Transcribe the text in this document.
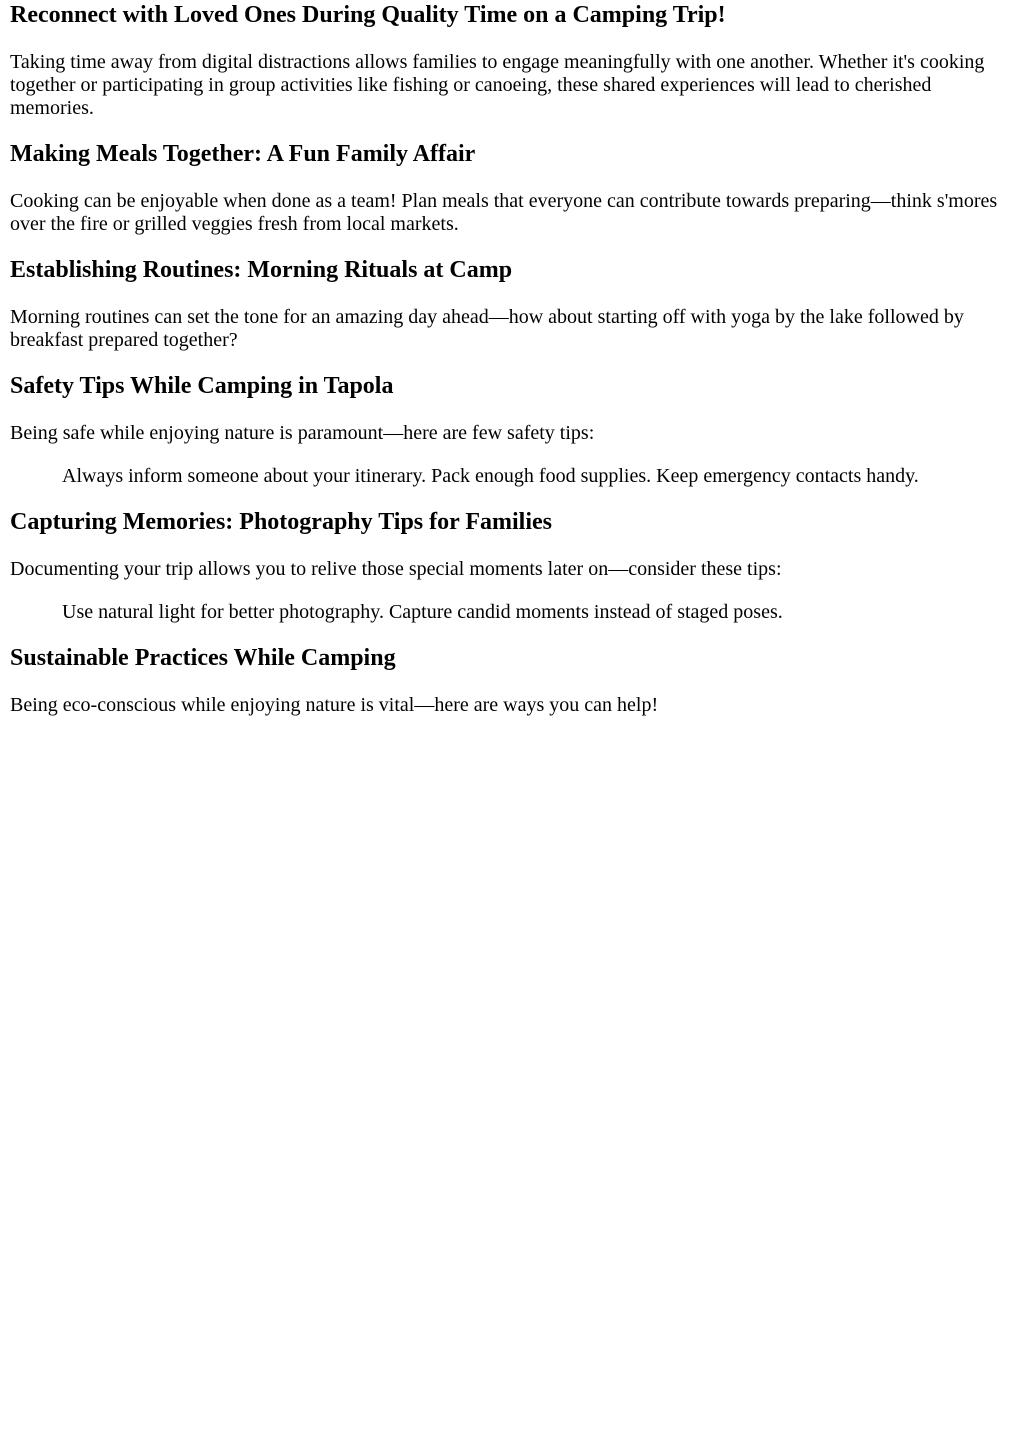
Reconnect with Loved Ones During Quality Time on a Camping Trip!

Taking time away from digital distractions allows families to engage meaningfully with one another. Whether it's cooking together or participating in group activities like fishing or canoeing, these shared experiences will lead to cherished memories.

Making Meals Together: A Fun Family Affair

Cooking can be enjoyable when done as a team! Plan meals that everyone can contribute towards preparing—think s'mores over the fire or grilled veggies fresh from local markets.

Establishing Routines: Morning Rituals at Camp

Morning routines can set the tone for an amazing day ahead—how about starting off with yoga by the lake followed by breakfast prepared together?

Safety Tips While Camping in Tapola

Being safe while enjoying nature is paramount—here are few safety tips:

Always inform someone about your itinerary. Pack enough food supplies. Keep emergency contacts handy.
Capturing Memories: Photography Tips for Families

Documenting your trip allows you to relive those special moments later on—consider these tips:

Use natural light for better photography. Capture candid moments instead of staged poses.
Sustainable Practices While Camping

Being eco-conscious while enjoying nature is vital—here are ways you can help!
